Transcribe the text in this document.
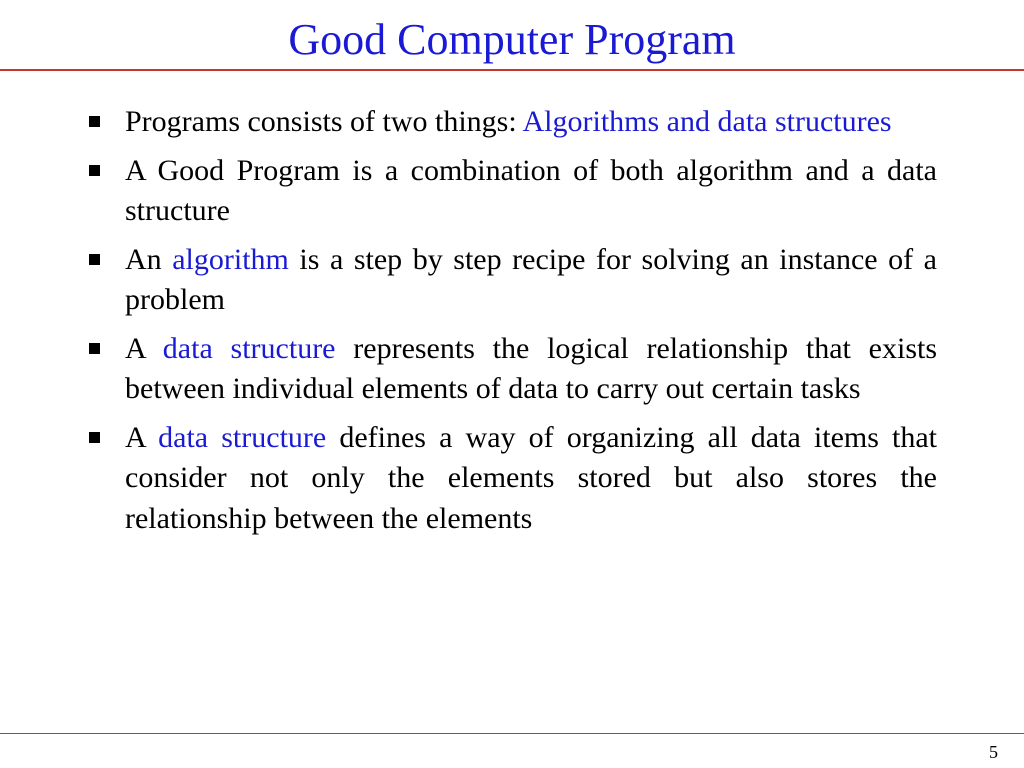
Good Computer Program
Programs consists of two things: Algorithms and data structures
A Good Program is a combination of both algorithm and a data structure
An algorithm is a step by step recipe for solving an instance of a problem
A data structure represents the logical relationship that exists between individual elements of data to carry out certain tasks
A data structure defines a way of organizing all data items that consider not only the elements stored but also stores the relationship between the elements
5
